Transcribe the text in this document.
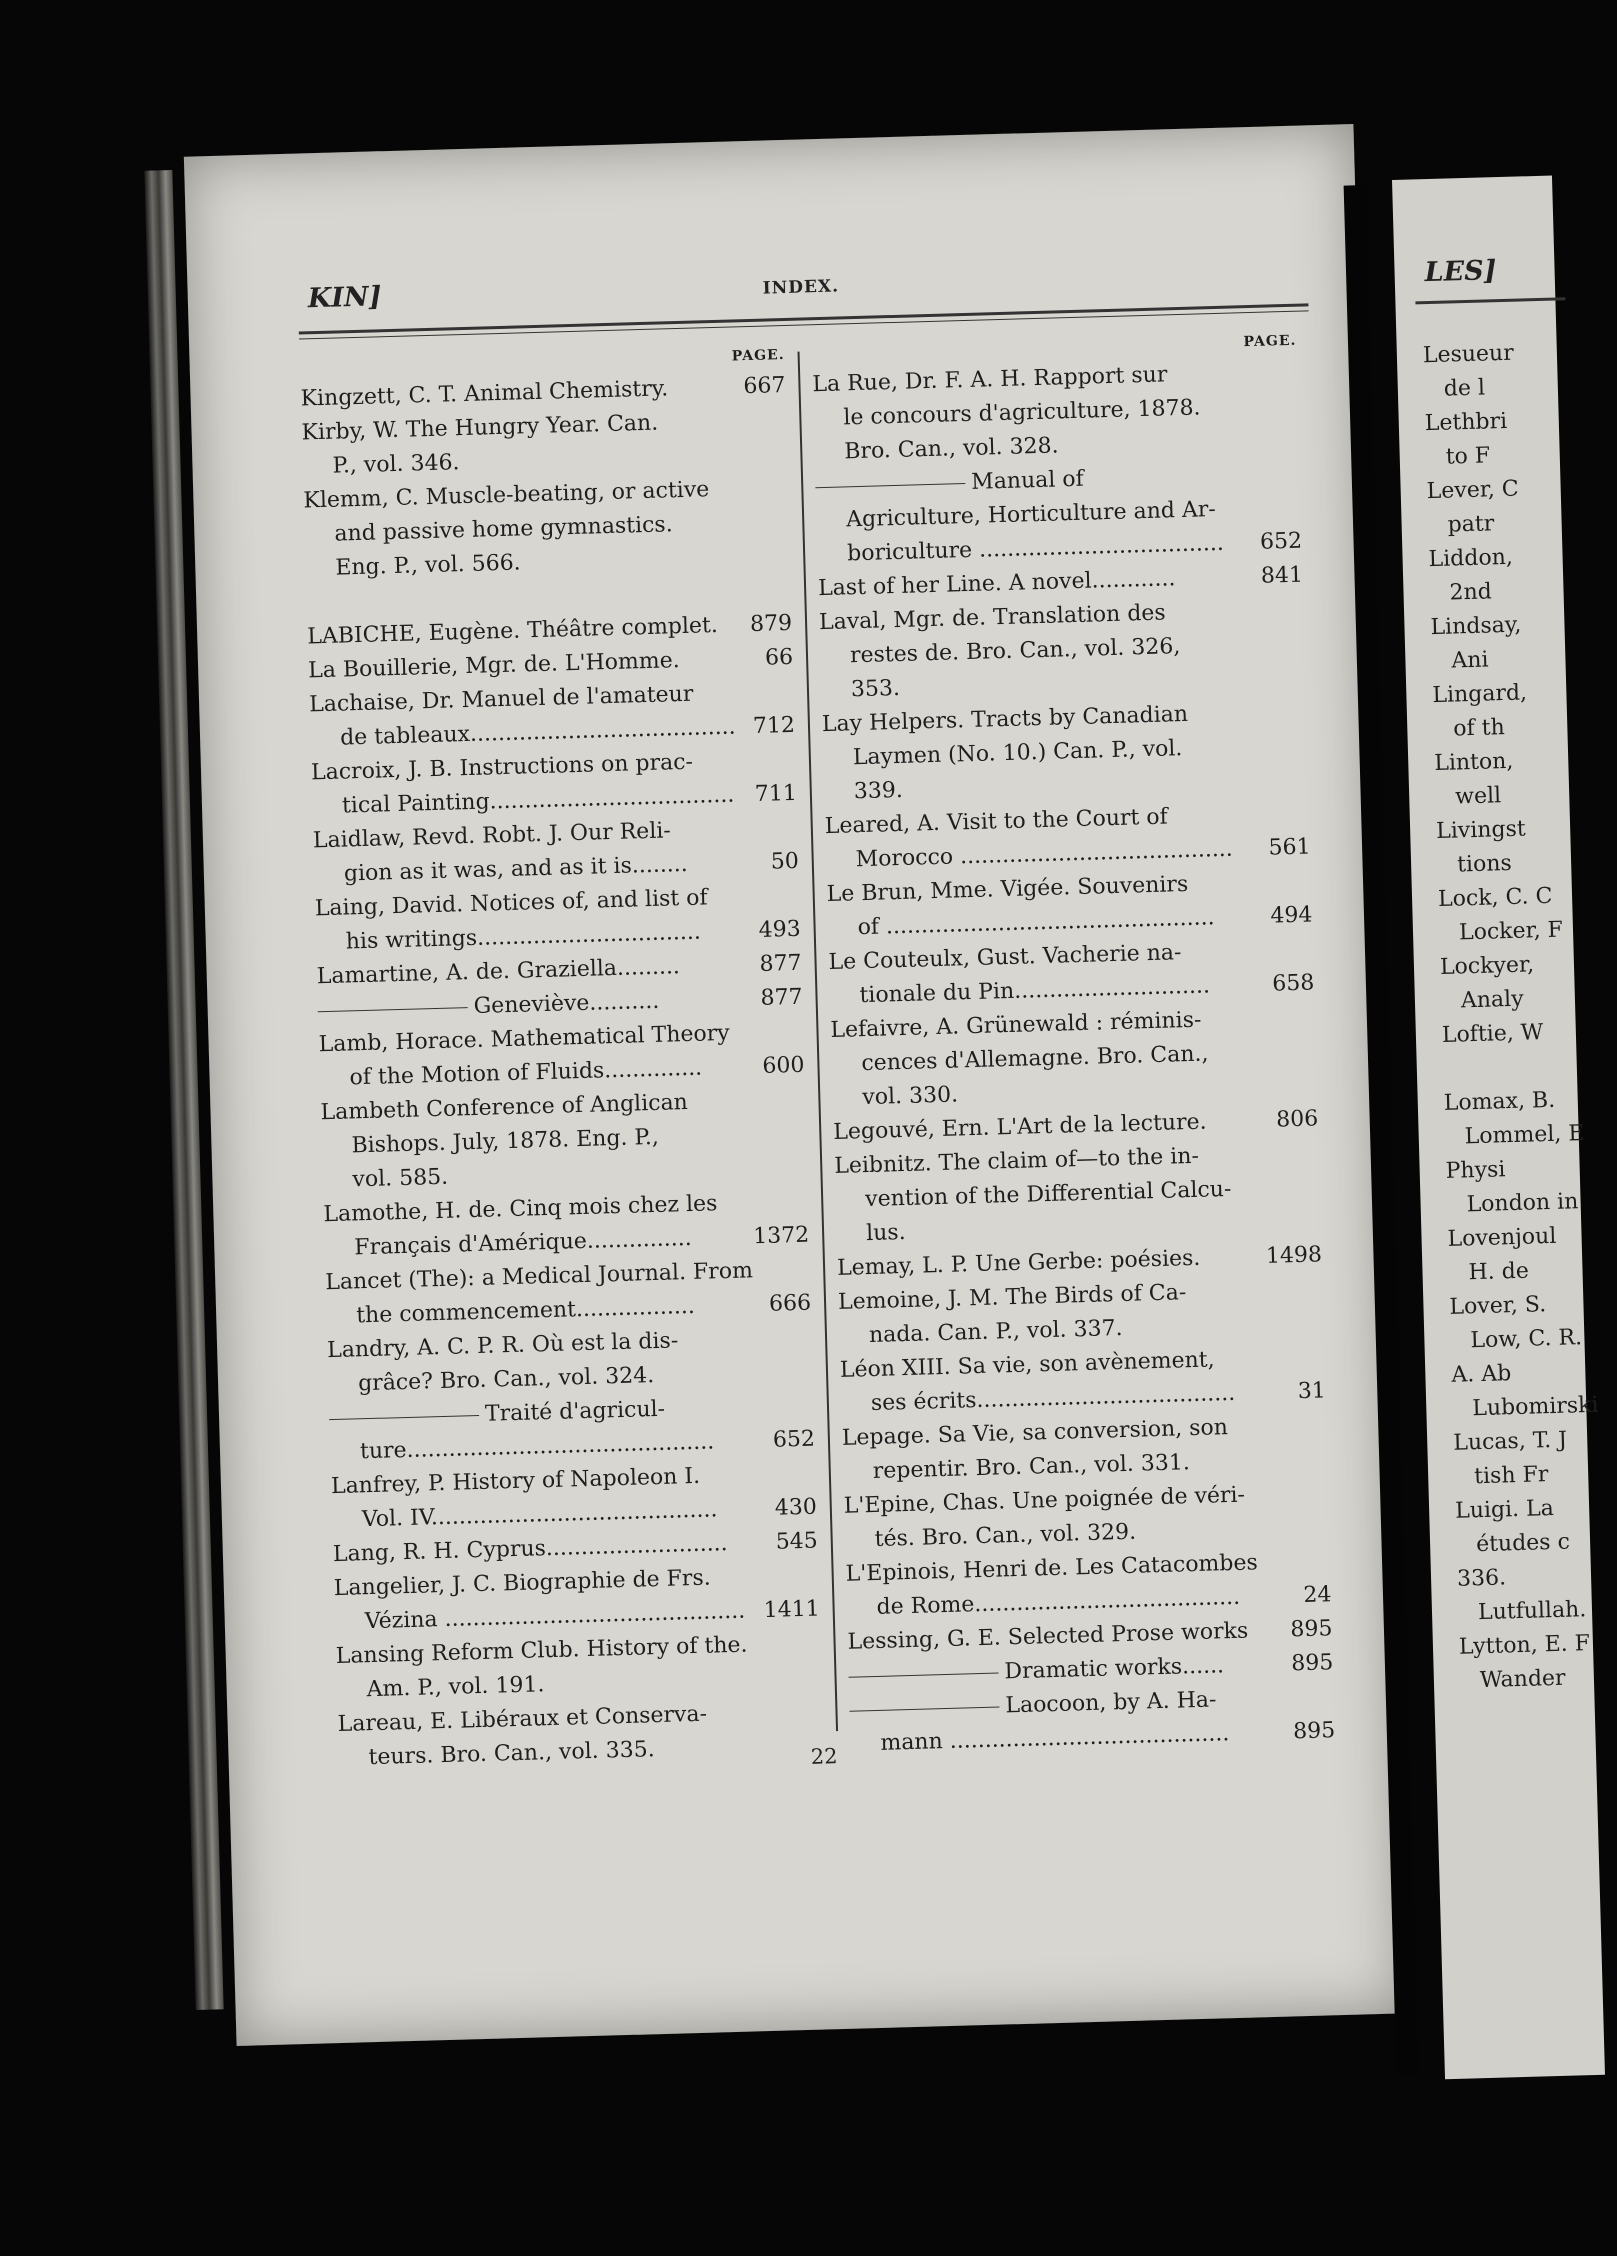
KIN]	INDEX.
PAGE.
667
Kingzett, C. T. Animal Chemistry.
Kirby, W. The Hungry Year. Can.
P., vol. 346.
Klemm, C. Muscle-beating, or active
and passive home gymnastics.
Eng. P., vol. 566.
879
LABICHE, Eugène. Théâtre complet.
66
La Bouillerie, Mgr. de. L'Homme.
Lachaise, Dr. Manuel de l'amateur
712
de tableaux......................................
Lacroix, J. B. Instructions on prac-
711
tical Painting...................................
Laidlaw, Revd. Robt. J. Our Reli-
50
gion as it was, and as it is........
Laing, David. Notices of, and list of
493
his writings................................
877
Lamartine, A. de. Graziella.........
877
Geneviève..........
Lamb, Horace. Mathematical Theory
600
of the Motion of Fluids..............
Lambeth Conference of Anglican
Bishops. July, 1878. Eng. P.,
vol. 585.
Lamothe, H. de. Cinq mois chez les
1372
Français d'Amérique...............
Lancet (The): a Medical Journal. From
666
the commencement.................
Landry, A. C. P. R. Où est la dis-
grâce? Bro. Can., vol. 324.
Traité d'agricul-
652
ture............................................
Lanfrey, P. History of Napoleon I.
430
Vol. IV.........................................
545
Lang, R. H. Cyprus..........................
Langelier, J. C. Biographie de Frs.
1411
Vézina ...........................................
Lansing Reform Club. History of the.
Am. P., vol. 191.
Lareau, E. Libéraux et Conserva-
teurs. Bro. Can., vol. 335.
PAGE.
La Rue, Dr. F. A. H. Rapport sur
le concours d'agriculture, 1878.
Bro. Can., vol. 328.
Manual of
Agriculture, Horticulture and Ar-
652
boriculture ...................................
841
Last of her Line. A novel............
Laval, Mgr. de. Translation des
restes de. Bro. Can., vol. 326,
353.
Lay Helpers. Tracts by Canadian
Laymen (No. 10.) Can. P., vol.
339.
Leared, A. Visit to the Court of
561
Morocco .......................................
Le Brun, Mme. Vigée. Souvenirs
494
of ...............................................
Le Couteulx, Gust. Vacherie na-
658
tionale du Pin............................
Lefaivre, A. Grünewald : réminis-
cences d'Allemagne. Bro. Can.,
vol. 330.
806
Legouvé, Ern. L'Art de la lecture.
Leibnitz. The claim of—to the in-
vention of the Differential Calcu-
lus.
1498
Lemay, L. P. Une Gerbe: poésies.
Lemoine, J. M. The Birds of Ca-
nada. Can. P., vol. 337.
Léon XIII. Sa vie, son avènement,
31
ses écrits.....................................
Lepage. Sa Vie, sa conversion, son
repentir. Bro. Can., vol. 331.
L'Epine, Chas. Une poignée de véri-
tés. Bro. Can., vol. 329.
L'Epinois, Henri de. Les Catacombes
24
de Rome......................................
895
Lessing, G. E. Selected Prose works
895
Dramatic works......
Laocoon, by A. Ha-
895
mann ........................................
22
LES]
Lesueur
de l
Lethbri
to F
Lever, C
patr
Liddon,
2nd
Lindsay,
Ani
Lingard,
of th
Linton,
well
Livingst
tions
Lock, C. C
Locker, F
Lockyer,
Analy
Loftie, W

Lomax, B.
Lommel, E
Physi
London in
Lovenjoul
H. de
Lover, S.
Low, C. R.
A. Ab
Lubomirski
Lucas, T. J
tish Fr
Luigi. La
études c
336.
Lutfullah.
Lytton, E. F
Wander
